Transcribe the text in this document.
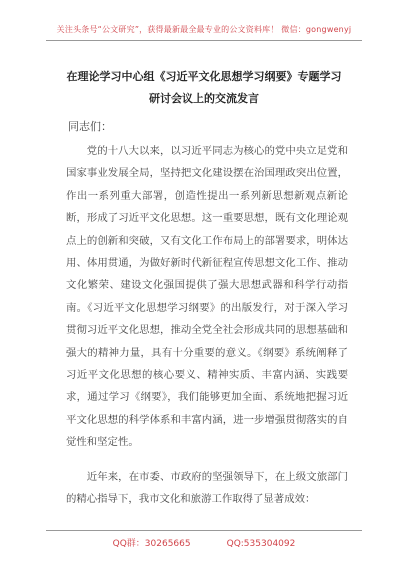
关注头条号“公文研究”，获得最新最全最专业的公文资料库！ 微信：gongwenyj
在理论学习中心组《习近平文化思想学习纲要》专题学习
研讨会议上的交流发言
同志们：

党的十八大以来，以习近平同志为核心的党中央立足党和国家事业发展全局，坚持把文化建设摆在治国理政突出位置，作出一系列重大部署，创造性提出一系列新思想新观点新论断，形成了习近平文化思想。这一重要思想，既有文化理论观点上的创新和突破，又有文化工作布局上的部署要求，明体达用、体用贯通，为做好新时代新征程宣传思想文化工作、推动文化繁荣、建设文化强国提供了强大思想武器和科学行动指南。《习近平文化思想学习纲要》的出版发行，对于深入学习贯彻习近平文化思想，推动全党全社会形成共同的思想基础和强大的精神力量，具有十分重要的意义。《纲要》系统阐释了习近平文化思想的核心要义、精神实质、丰富内涵、实践要求，通过学习《纲要》，我们能够更加全面、系统地把握习近平文化思想的科学体系和丰富内涵，进一步增强贯彻落实的自觉性和坚定性。

近年来，在市委、市政府的坚强领导下，在上级文旅部门的精心指导下，我市文化和旅游工作取得了显著成效：

QQ群：30265665	QQ:535304092
